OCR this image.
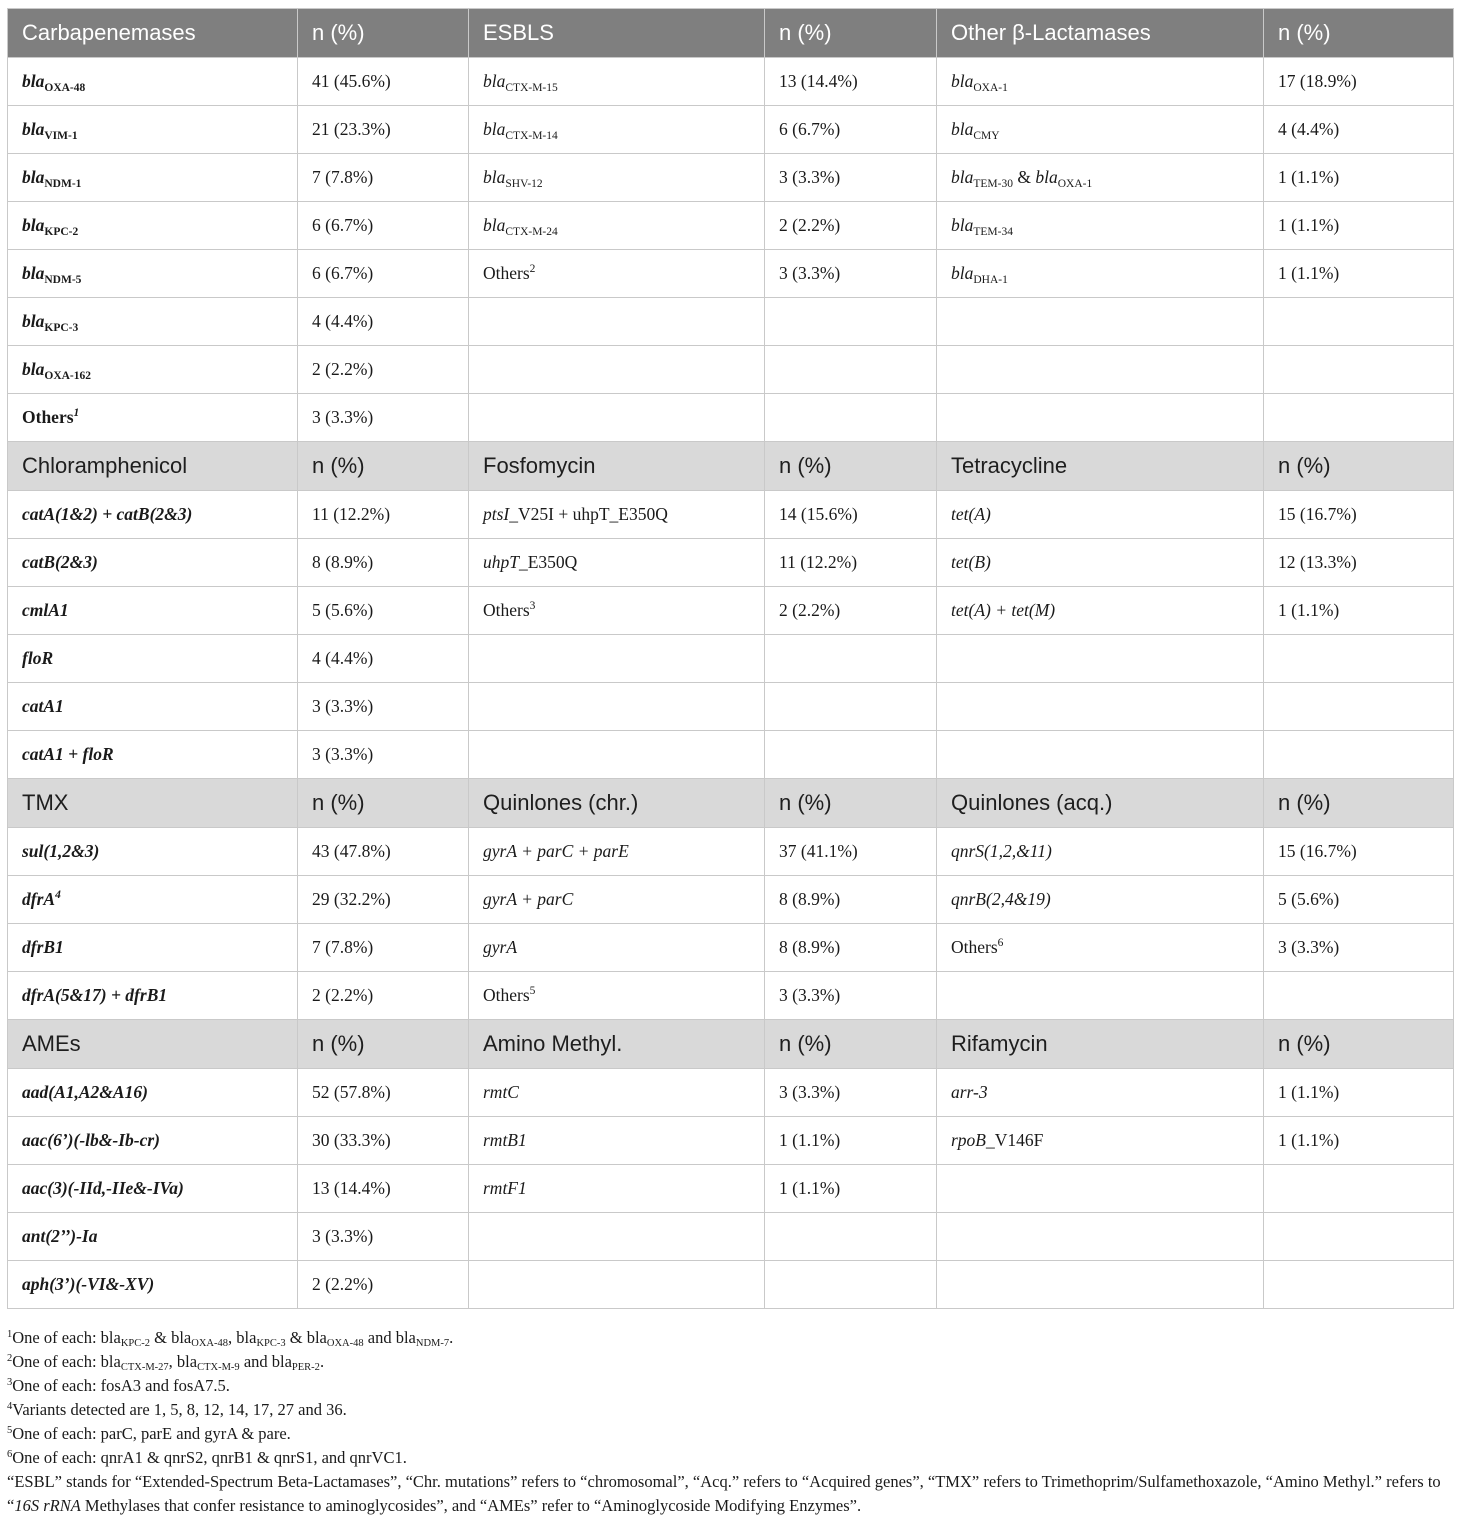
Carbapenemases	n (%)	ESBLS	n (%)	Other β-Lactamases	n (%)
bla$_{OXA-48}$	41 (45.6%)	bla$_{CTX-M-15}$	13 (14.4%)	bla$_{OXA-1}$	17 (18.9%)
bla$_{VIM-1}$	21 (23.3%)	bla$_{CTX-M-14}$	6 (6.7%)	bla$_{CMY}$	4 (4.4%)
bla$_{NDM-1}$	7 (7.8%)	bla$_{SHV-12}$	3 (3.3%)	bla$_{TEM-30}$ & bla$_{OXA-1}$	1 (1.1%)
bla$_{KPC-2}$	6 (6.7%)	bla$_{CTX-M-24}$	2 (2.2%)	bla$_{TEM-34}$	1 (1.1%)
bla$_{NDM-5}$	6 (6.7%)	Others$^2$	3 (3.3%)	bla$_{DHA-1}$	1 (1.1%)
bla$_{KPC-3}$	4 (4.4%)				
bla$_{OXA-162}$	2 (2.2%)				
Others$^1$	3 (3.3%)				
Chloramphenicol	n (%)	Fosfomycin	n (%)	Tetracycline	n (%)
catA(1&2) + catB(2&3)	11 (12.2%)	ptsI_V25I + uhpT_E350Q	14 (15.6%)	tet(A)	15 (16.7%)
catB(2&3)	8 (8.9%)	uhpT_E350Q	11 (12.2%)	tet(B)	12 (13.3%)
cmlA1	5 (5.6%)	Others$^3$	2 (2.2%)	tet(A) + tet(M)	1 (1.1%)
floR	4 (4.4%)				
catA1	3 (3.3%)				
catA1 + floR	3 (3.3%)				
TMX	n (%)	Quinlones (chr.)	n (%)	Quinlones (acq.)	n (%)
sul(1,2&3)	43 (47.8%)	gyrA + parC + parE	37 (41.1%)	qnrS(1,2,&11)	15 (16.7%)
dfrA$^4$	29 (32.2%)	gyrA + parC	8 (8.9%)	qnrB(2,4&19)	5 (5.6%)
dfrB1	7 (7.8%)	gyrA	8 (8.9%)	Others$^6$	3 (3.3%)
dfrA(5&17) + dfrB1	2 (2.2%)	Others$^5$	3 (3.3%)		
AMEs	n (%)	Amino Methyl.	n (%)	Rifamycin	n (%)
aad(A1,A2&A16)	52 (57.8%)	rmtC	3 (3.3%)	arr-3	1 (1.1%)
aac(6’)(-lb&-Ib-cr)	30 (33.3%)	rmtB1	1 (1.1%)	rpoB_V146F	1 (1.1%)
aac(3)(-IId,-IIe&-IVa)	13 (14.4%)	rmtF1	1 (1.1%)		
ant(2’’)-Ia	3 (3.3%)				
aph(3’)(-VI&-XV)	2 (2.2%)				
$^1$One of each: bla$_{KPC-2}$ & bla$_{OXA-48}$, bla$_{KPC-3}$ & bla$_{OXA-48}$ and bla$_{NDM-7}$.
$^2$One of each: bla$_{CTX-M-27}$, bla$_{CTX-M-9}$ and bla$_{PER-2}$.
$^3$One of each: fosA3 and fosA7.5.
$^4$Variants detected are 1, 5, 8, 12, 14, 17, 27 and 36.
$^5$One of each: parC, parE and gyrA & pare.
$^6$One of each: qnrA1 & qnrS2, qnrB1 & qnrS1, and qnrVC1.
“ESBL” stands for “Extended-Spectrum Beta-Lactamases”, “Chr. mutations” refers to “chromosomal”, “Acq.” refers to “Acquired genes”, “TMX” refers to Trimethoprim/Sulfamethoxazole, “Amino Methyl.” refers to “16S rRNA Methylases that confer resistance to aminoglycosides”, and “AMEs” refer to “Aminoglycoside Modifying Enzymes”.
